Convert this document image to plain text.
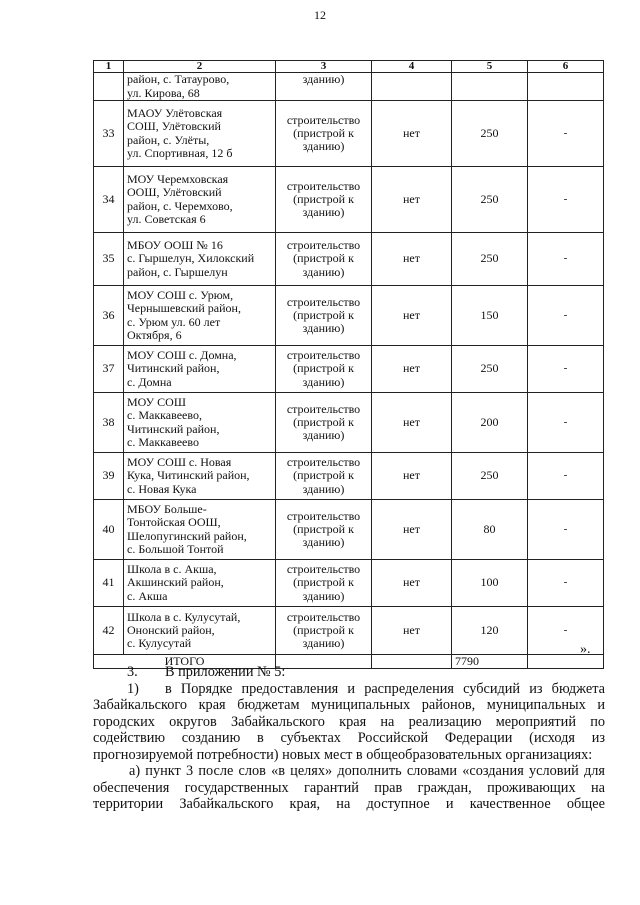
12
1	2	3	4	5	6
	район, с. Татаурово,
ул. Кирова, 68	зданию)			
33	МАОУ Улётовская
СОШ, Улётовский
район, с. Улёты,
ул. Спортивная, 12 б	строительство
(пристрой к
зданию)	нет	250	-
34	МОУ Черемховская
ООШ, Улётовский
район, с. Черемхово,
ул. Советская 6	строительство
(пристрой к
зданию)	нет	250	-
35	МБОУ ООШ № 16
с. Гыршелун, Хилокский
район, с. Гыршелун	строительство
(пристрой к
зданию)	нет	250	-
36	МОУ СОШ с. Урюм,
Чернышевский район,
с. Урюм ул. 60 лет
Октября, 6	строительство
(пристрой к
зданию)	нет	150	-
37	МОУ СОШ с. Домна,
Читинский район,
с. Домна	строительство
(пристрой к
зданию)	нет	250	-
38	МОУ СОШ
с. Маккавеево,
Читинский район,
с. Маккавеево	строительство
(пристрой к
зданию)	нет	200	-
39	МОУ СОШ с. Новая
Кука, Читинский район,
с. Новая Кука	строительство
(пристрой к
зданию)	нет	250	-
40	МБОУ Больше-
Тонтойская ООШ,
Шелопугинский район,
с. Большой Тонтой	строительство
(пристрой к
зданию)	нет	80	-
41	Школа в с. Акша,
Акшинский район,
с. Акша	строительство
(пристрой к
зданию)	нет	100	-
42	Школа в с. Кулусутай,
Ононский район,
с. Кулусутай	строительство
(пристрой к
зданию)	нет	120	-
ИТОГО				7790	
».

3. В приложении № 5:

1) в Порядке предоставления и распределения субсидий из бюджета

Забайкальского края бюджетам муниципальных районов, муниципальных и городских округов Забайкальского края на реализацию мероприятий по содействию созданию в субъектах Российской Федерации (исходя из прогнозируемой потребности) новых мест в общеобразовательных организациях:

а) пункт 3 после слов «в целях» дополнить словами «создания условий для обеспечения государственных гарантий прав граждан, проживающих на территории Забайкальского края, на доступное и качественное общее
